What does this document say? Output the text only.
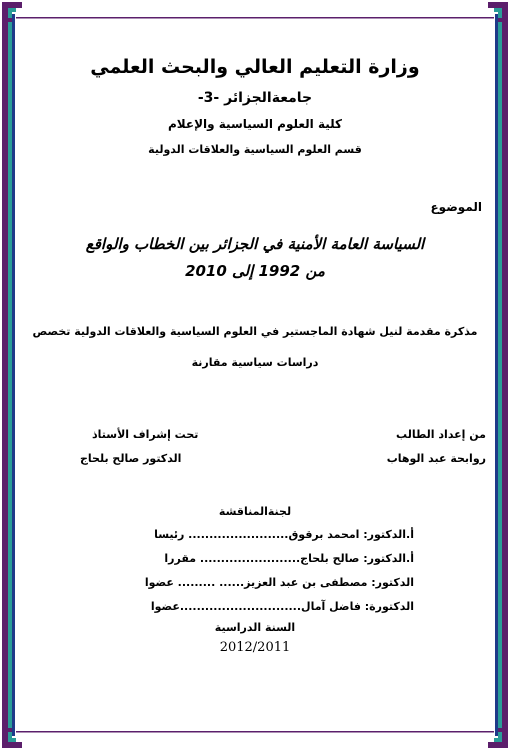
وزارة التعليم العالي والبحث العلمي
جامعةالجزائر -3-
كلية العلوم السياسية والإعلام
قسم العلوم السياسية والعلاقات الدولية
الموضوع
السياسة العامة الأمنية في الجزائر بين الخطاب والواقع
من 1992 إلى 2010
مذكرة مقدمة لنيل شهادة الماجستير في العلوم السياسية والعلاقات الدولية تخصص
دراسات سياسية مقارنة
من إعداد الطالب
روابحة عبد الوهاب
تحت إشراف الأستاذ
الدكتور صالح بلحاج
لجنةالمناقشة
أ.الدكتور: امحمد برقوق........................ رئيسا
أ.الدكتور: صالح بلحاج........................ مقررا
الدكتور: مصطفى بن عبد العزيز...... ......... عضوا
الدكتورة: فاضل آمال.............................عضوا
السنة الدراسية
2012/2011
